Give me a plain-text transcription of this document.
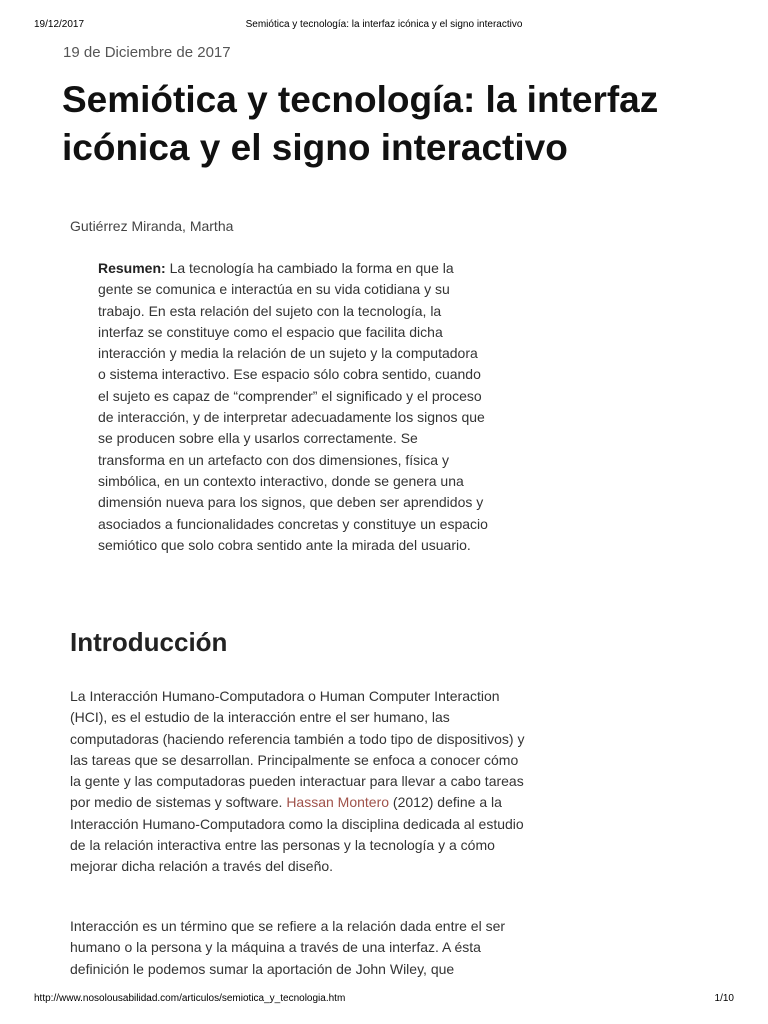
19/12/2017	Semiótica y tecnología: la interfaz icónica y el signo interactivo
19 de Diciembre de 2017
Semiótica y tecnología: la interfaz icónica y el signo interactivo
Gutiérrez Miranda, Martha

Resumen: La tecnología ha cambiado la forma en que la gente se comunica e interactúa en su vida cotidiana y su trabajo. En esta relación del sujeto con la tecnología, la interfaz se constituye como el espacio que facilita dicha interacción y media la relación de un sujeto y la computadora o sistema interactivo. Ese espacio sólo cobra sentido, cuando el sujeto es capaz de “comprender” el significado y el proceso de interacción, y de interpretar adecuadamente los signos que se producen sobre ella y usarlos correctamente. Se transforma en un artefacto con dos dimensiones, física y simbólica, en un contexto interactivo, donde se genera una dimensión nueva para los signos, que deben ser aprendidos y asociados a funcionalidades concretas y constituye un espacio semiótico que solo cobra sentido ante la mirada del usuario.

Introducción

La Interacción Humano-Computadora o Human Computer Interaction (HCI), es el estudio de la interacción entre el ser humano, las computadoras (haciendo referencia también a todo tipo de dispositivos) y las tareas que se desarrollan. Principalmente se enfoca a conocer cómo la gente y las computadoras pueden interactuar para llevar a cabo tareas por medio de sistemas y software. Hassan Montero (2012) define a la Interacción Humano-Computadora como la disciplina dedicada al estudio de la relación interactiva entre las personas y la tecnología y a cómo mejorar dicha relación a través del diseño.

Interacción es un término que se refiere a la relación dada entre el ser humano o la persona y la máquina a través de una interfaz. A ésta definición le podemos sumar la aportación de John Wiley, que

http://www.nosolousabilidad.com/articulos/semiotica_y_tecnologia.htm	1/10
